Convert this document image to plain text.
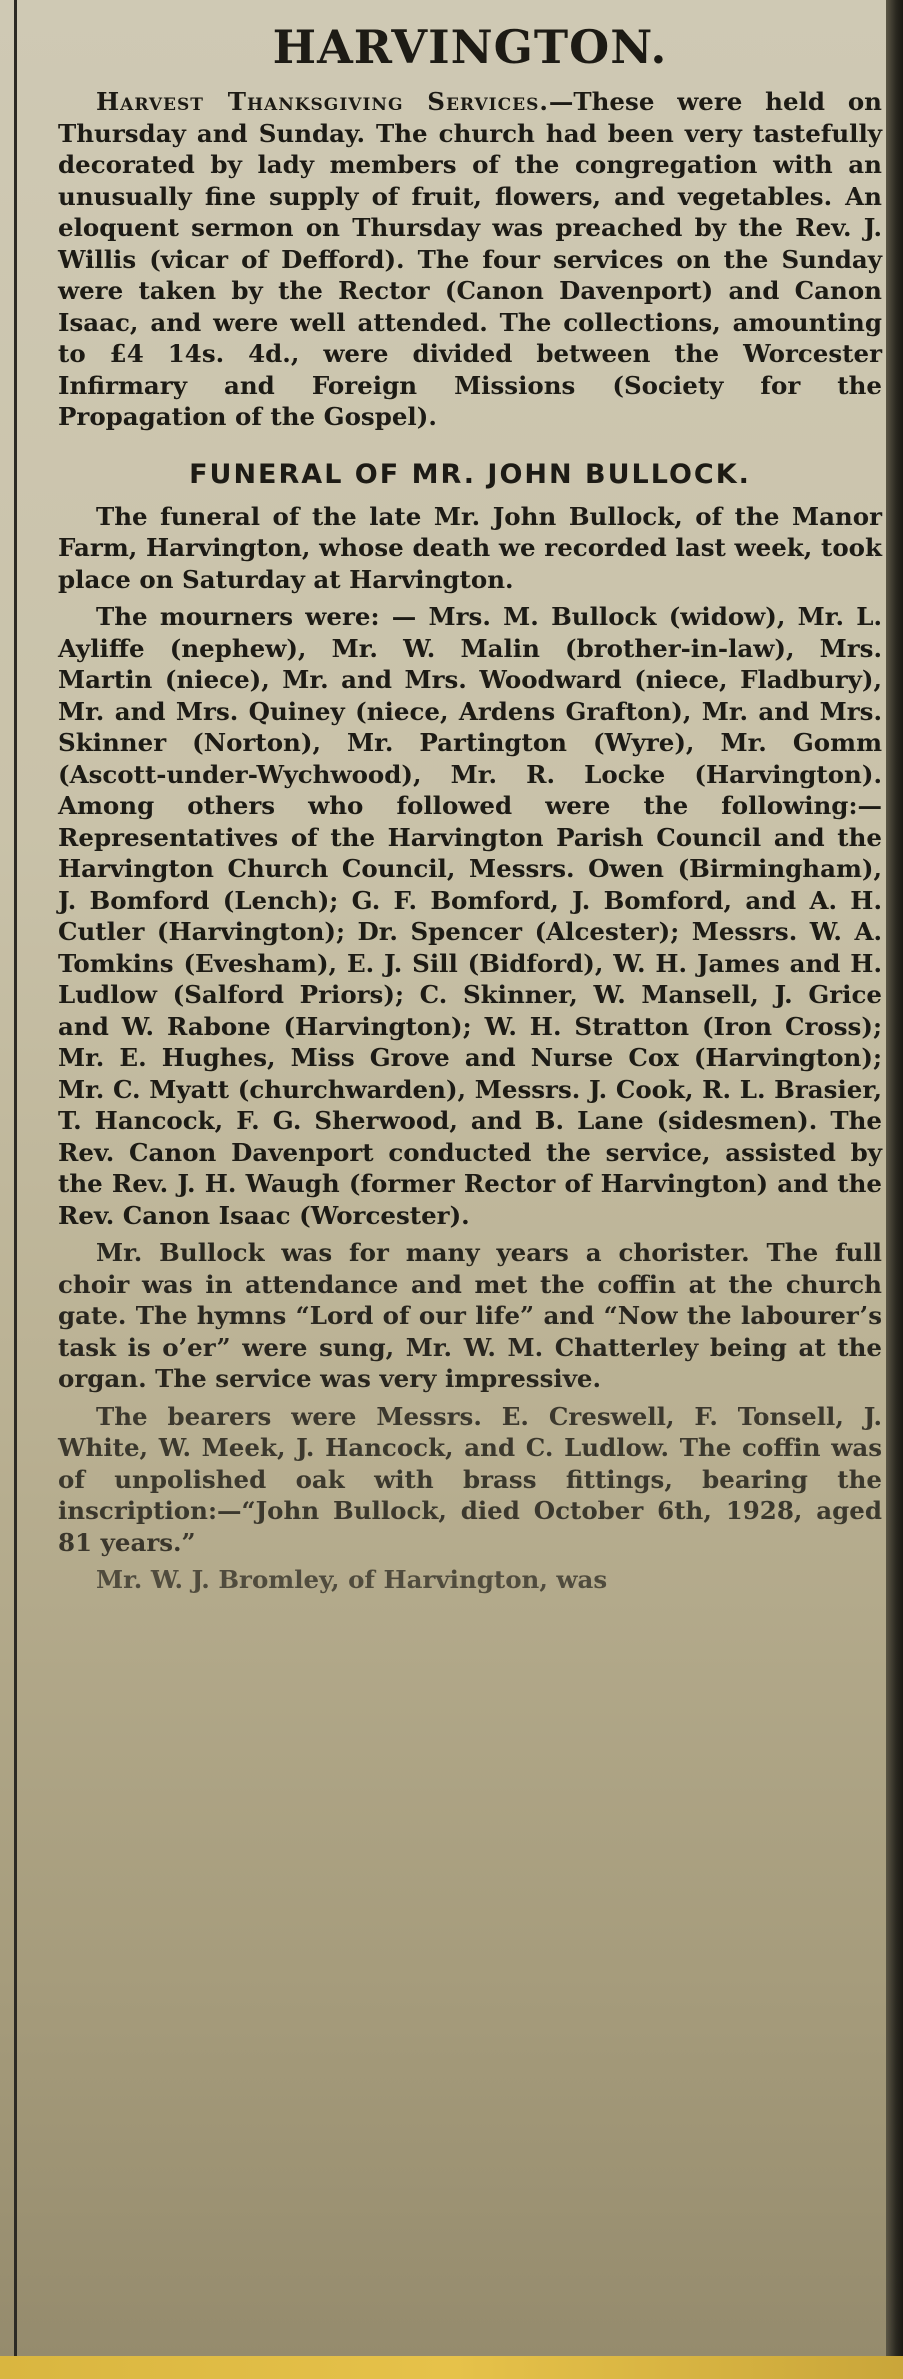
HARVINGTON.

Harvest Thanksgiving Services.—These were held on Thursday and Sunday. The church had been very tastefully decorated by lady members of the congregation with an unusually fine supply of fruit, flowers, and vegetables. An eloquent sermon on Thursday was preached by the Rev. J. Willis (vicar of Defford). The four services on the Sunday were taken by the Rector (Canon Davenport) and Canon Isaac, and were well attended. The collections, amounting to £4 14s. 4d., were divided between the Worcester Infirmary and Foreign Missions (Society for the Propagation of the Gospel).

FUNERAL OF MR. JOHN BULLOCK.

The funeral of the late Mr. John Bullock, of the Manor Farm, Harvington, whose death we recorded last week, took place on Saturday at Harvington.

The mourners were: — Mrs. M. Bullock (widow), Mr. L. Ayliffe (nephew), Mr. W. Malin (brother-in-law), Mrs. Martin (niece), Mr. and Mrs. Woodward (niece, Fladbury), Mr. and Mrs. Quiney (niece, Ardens Grafton), Mr. and Mrs. Skinner (Norton), Mr. Partington (Wyre), Mr. Gomm (Ascott-under-Wychwood), Mr. R. Locke (Harvington). Among others who followed were the following:—Representatives of the Harvington Parish Council and the Harvington Church Council, Messrs. Owen (Birmingham), J. Bomford (Lench); G. F. Bomford, J. Bomford, and A. H. Cutler (Harvington); Dr. Spencer (Alcester); Messrs. W. A. Tomkins (Evesham), E. J. Sill (Bidford), W. H. James and H. Ludlow (Salford Priors); C. Skinner, W. Mansell, J. Grice and W. Rabone (Harvington); W. H. Stratton (Iron Cross); Mr. E. Hughes, Miss Grove and Nurse Cox (Harvington); Mr. C. Myatt (churchwarden), Messrs. J. Cook, R. L. Brasier, T. Hancock, F. G. Sherwood, and B. Lane (sidesmen). The Rev. Canon Davenport conducted the service, assisted by the Rev. J. H. Waugh (former Rector of Harvington) and the Rev. Canon Isaac (Worcester).

Mr. Bullock was for many years a chorister. The full choir was in attendance and met the coffin at the church gate. The hymns “Lord of our life” and “Now the labourer’s task is o’er” were sung, Mr. W. M. Chatterley being at the organ. The service was very impressive.

The bearers were Messrs. E. Creswell, F. Tonsell, J. White, W. Meek, J. Hancock, and C. Ludlow. The coffin was of unpolished oak with brass fittings, bearing the inscription:—“John Bullock, died October 6th, 1928, aged 81 years.”

Mr. W. J. Bromley, of Harvington, was
